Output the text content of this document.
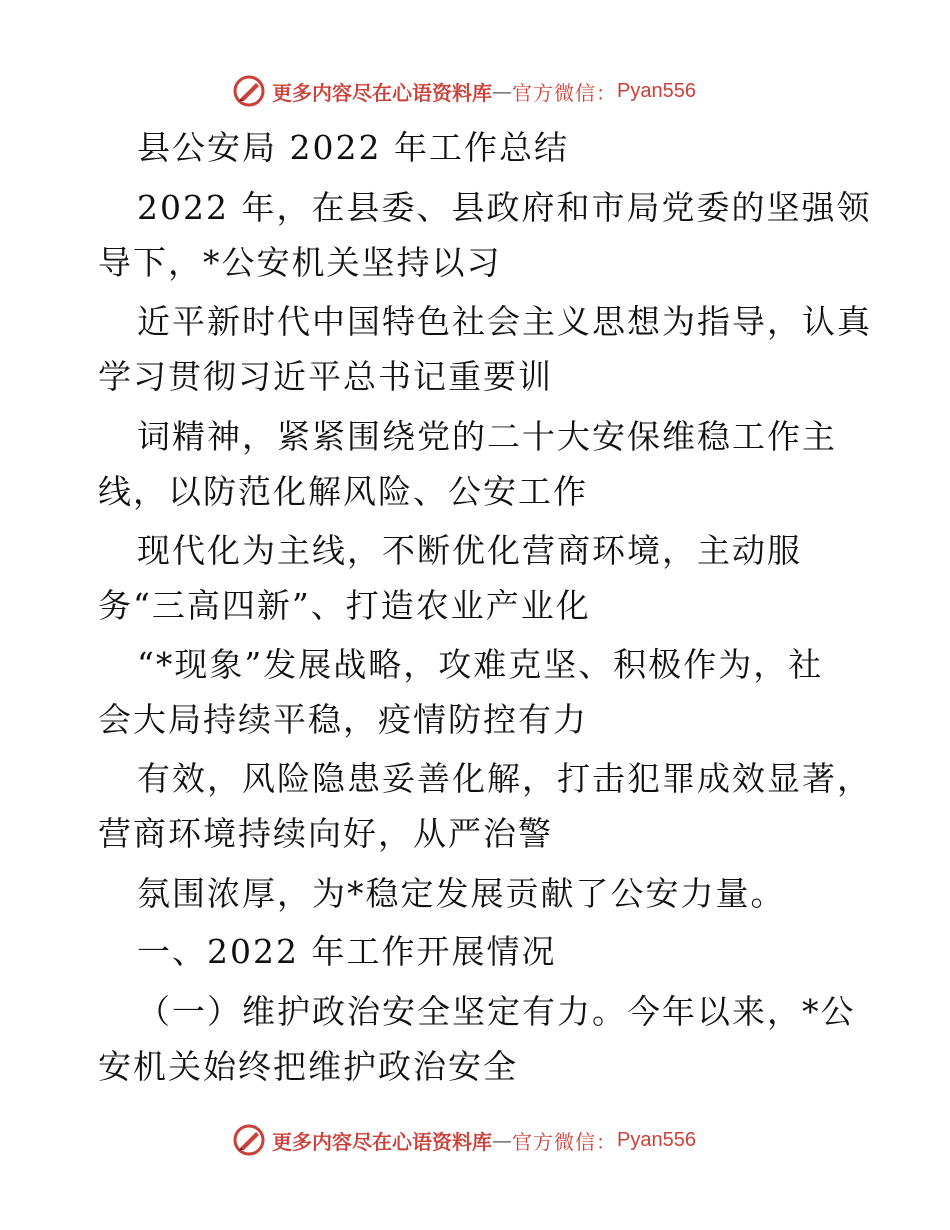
更多内容尽在心语资料库 — 官方微信： Pyan556
县公安局 2022 年工作总结
2022 年，在县委、县政府和市局党委的坚强领
导下，*公安机关坚持以习
近平新时代中国特色社会主义思想为指导，认真
学习贯彻习近平总书记重要训
词精神，紧紧围绕党的二十大安保维稳工作主
线，以防范化解风险、公安工作
现代化为主线，不断优化营商环境，主动服
务“三高四新”、打造农业产业化
“*现象”发展战略，攻难克坚、积极作为，社
会大局持续平稳，疫情防控有力
有效，风险隐患妥善化解，打击犯罪成效显著，
营商环境持续向好，从严治警
氛围浓厚，为*稳定发展贡献了公安力量。
一、2022 年工作开展情况
（一）维护政治安全坚定有力。今年以来，*公
安机关始终把维护政治安全
更多内容尽在心语资料库 — 官方微信： Pyan556
